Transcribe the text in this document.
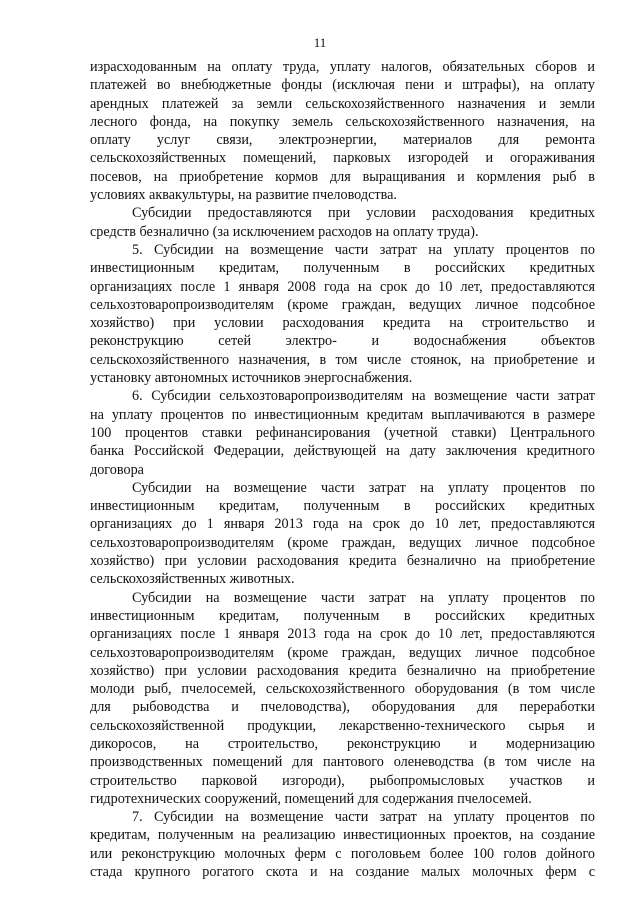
11
израсходованным на оплату труда, уплату налогов, обязательных сборов и
платежей во внебюджетные фонды (исключая пени и штрафы), на оплату
арендных платежей за земли сельскохозяйственного назначения и земли
лесного фонда, на покупку земель сельскохозяйственного назначения, на
оплату услуг связи, электроэнергии, материалов для ремонта
сельскохозяйственных помещений, парковых изгородей и огораживания
посевов, на приобретение кормов для выращивания и кормления рыб в
условиях аквакультуры, на развитие пчеловодства.
Субсидии предоставляются при условии расходования кредитных
средств безналично (за исключением расходов на оплату труда).
5. Субсидии на возмещение части затрат на уплату процентов по
инвестиционным кредитам, полученным в российских кредитных
организациях после 1 января 2008 года на срок до 10 лет, предоставляются
сельхозтоваропроизводителям (кроме граждан, ведущих личное подсобное
хозяйство) при условии расходования кредита на строительство и
реконструкцию сетей электро- и водоснабжения объектов
сельскохозяйственного назначения, в том числе стоянок, на приобретение и
установку автономных источников энергоснабжения.
6. Субсидии сельхозтоваропроизводителям на возмещение части затрат
на уплату процентов по инвестиционным кредитам выплачиваются в размере
100 процентов ставки рефинансирования (учетной ставки) Центрального
банка Российской Федерации, действующей на дату заключения кредитного
договора
Субсидии на возмещение части затрат на уплату процентов по
инвестиционным кредитам, полученным в российских кредитных
организациях до 1 января 2013 года на срок до 10 лет, предоставляются
сельхозтоваропроизводителям (кроме граждан, ведущих личное подсобное
хозяйство) при условии расходования кредита безналично на приобретение
сельскохозяйственных животных.
Субсидии на возмещение части затрат на уплату процентов по
инвестиционным кредитам, полученным в российских кредитных
организациях после 1 января 2013 года на срок до 10 лет, предоставляются
сельхозтоваропроизводителям (кроме граждан, ведущих личное подсобное
хозяйство) при условии расходования кредита безналично на приобретение
молоди рыб, пчелосемей, сельскохозяйственного оборудования (в том числе
для рыбоводства и пчеловодства), оборудования для переработки
сельскохозяйственной продукции, лекарственно-технического сырья и
дикоросов, на строительство, реконструкцию и модернизацию
производственных помещений для пантового оленеводства (в том числе на
строительство парковой изгороди), рыбопромысловых участков и
гидротехнических сооружений, помещений для содержания пчелосемей.
7. Субсидии на возмещение части затрат на уплату процентов по
кредитам, полученным на реализацию инвестиционных проектов, на создание
или реконструкцию молочных ферм с поголовьем более 100 голов дойного
стада крупного рогатого скота и на создание малых молочных ферм с
